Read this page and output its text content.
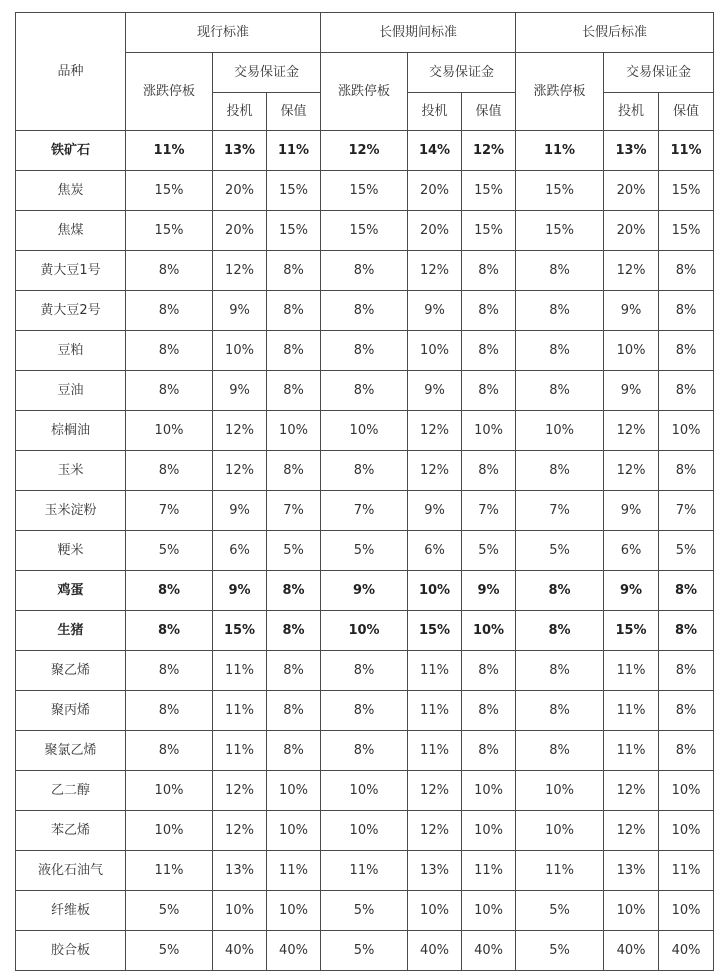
品种	现行标准			长假期间标准			长假后标准		
	涨跌停板	交易保证金		涨跌停板	交易保证金		涨跌停板	交易保证金	
		投机	保值		投机	保值		投机	保值
铁矿石	11%	13%	11%	12%	14%	12%	11%	13%	11%
焦炭	15%	20%	15%	15%	20%	15%	15%	20%	15%
焦煤	15%	20%	15%	15%	20%	15%	15%	20%	15%
黄大豆1号	8%	12%	8%	8%	12%	8%	8%	12%	8%
黄大豆2号	8%	9%	8%	8%	9%	8%	8%	9%	8%
豆粕	8%	10%	8%	8%	10%	8%	8%	10%	8%
豆油	8%	9%	8%	8%	9%	8%	8%	9%	8%
棕榈油	10%	12%	10%	10%	12%	10%	10%	12%	10%
玉米	8%	12%	8%	8%	12%	8%	8%	12%	8%
玉米淀粉	7%	9%	7%	7%	9%	7%	7%	9%	7%
粳米	5%	6%	5%	5%	6%	5%	5%	6%	5%
鸡蛋	8%	9%	8%	9%	10%	9%	8%	9%	8%
生猪	8%	15%	8%	10%	15%	10%	8%	15%	8%
聚乙烯	8%	11%	8%	8%	11%	8%	8%	11%	8%
聚丙烯	8%	11%	8%	8%	11%	8%	8%	11%	8%
聚氯乙烯	8%	11%	8%	8%	11%	8%	8%	11%	8%
乙二醇	10%	12%	10%	10%	12%	10%	10%	12%	10%
苯乙烯	10%	12%	10%	10%	12%	10%	10%	12%	10%
液化石油气	11%	13%	11%	11%	13%	11%	11%	13%	11%
纤维板	5%	10%	10%	5%	10%	10%	5%	10%	10%
胶合板	5%	40%	40%	5%	40%	40%	5%	40%	40%
